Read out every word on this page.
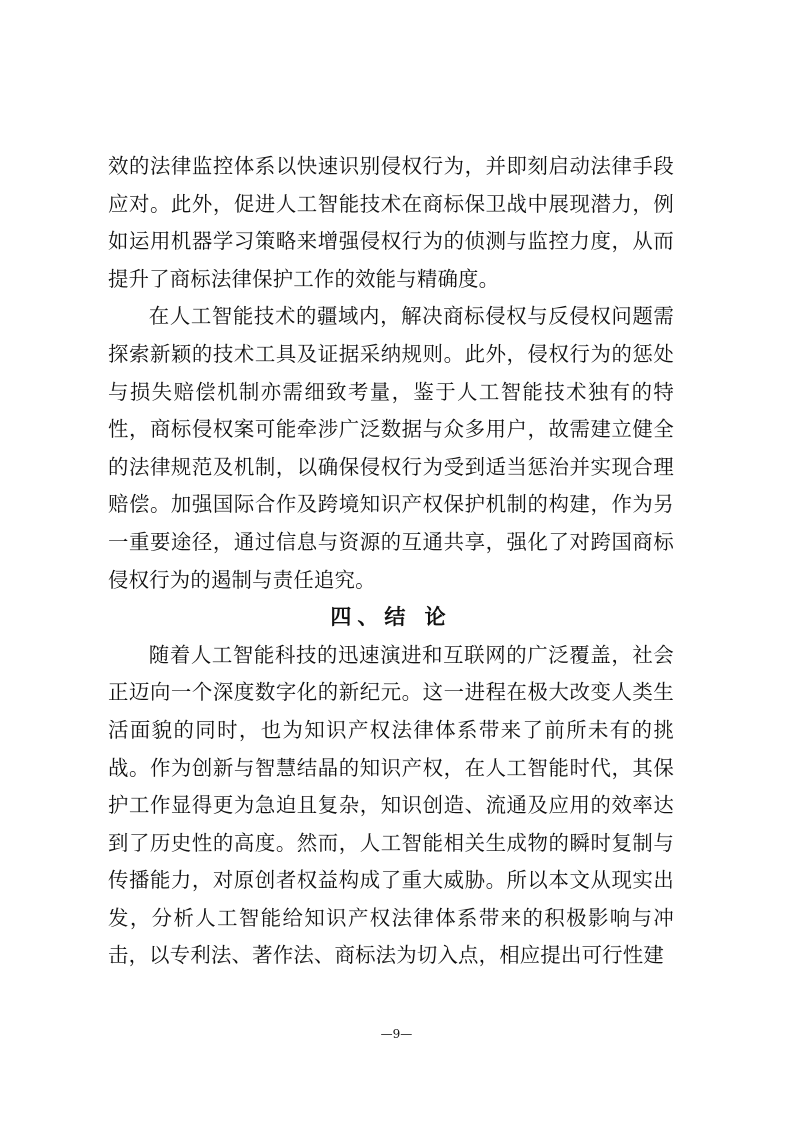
效的法律监控体系以快速识别侵权行为，并即刻启动法律手段应对。此外，促进人工智能技术在商标保卫战中展现潜力，例如运用机器学习策略来增强侵权行为的侦测与监控力度，从而提升了商标法律保护工作的效能与精确度。

在人工智能技术的疆域内，解决商标侵权与反侵权问题需探索新颖的技术工具及证据采纳规则。此外，侵权行为的惩处与损失赔偿机制亦需细致考量，鉴于人工智能技术独有的特性，商标侵权案可能牵涉广泛数据与众多用户，故需建立健全的法律规范及机制，以确保侵权行为受到适当惩治并实现合理赔偿。加强国际合作及跨境知识产权保护机制的构建，作为另一重要途径，通过信息与资源的互通共享，强化了对跨国商标侵权行为的遏制与责任追究。

四、结 论

随着人工智能科技的迅速演进和互联网的广泛覆盖，社会正迈向一个深度数字化的新纪元。这一进程在极大改变人类生活面貌的同时，也为知识产权法律体系带来了前所未有的挑战。作为创新与智慧结晶的知识产权，在人工智能时代，其保护工作显得更为急迫且复杂，知识创造、流通及应用的效率达到了历史性的高度。然而，人工智能相关生成物的瞬时复制与传播能力，对原创者权益构成了重大威胁。所以本文从现实出发，分析人工智能给知识产权法律体系带来的积极影响与冲击，以专利法、著作法、商标法为切入点，相应提出可行性建

—9—
